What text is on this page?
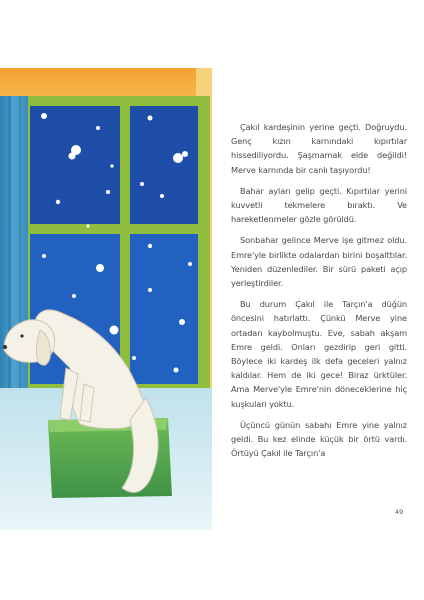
Çakıl kardeşinin yerine geçti. Doğruydu. Genç kızın karnındaki kıpırtılar hissediliyordu. Şaşmamak elde değildi! Merve karnında bir canlı taşıyordu!

Bahar ayları gelip geçti. Kıpırtılar yerini kuvvetli tekmelere bıraktı. Ve hareketlenmeler gözle görüldü.

Sonbahar gelince Merve işe gitmez oldu. Emre'yle birlikte odalardan birini boşalttılar. Yeniden düzenlediler. Bir sürü paketi açıp yerleştirdiler.

Bu durum Çakıl ile Tarçın'a düğün öncesini hatırlattı. Çünkü Merve yine ortadan kaybolmuştu. Eve, sabah akşam Emre geldi. Onları gezdirip geri gitti. Böylece iki kardeş ilk defa geceleri yalnız kaldılar. Hem de iki gece! Biraz ürktüler. Ama Merve'yle Emre'nin döneceklerine hiç kuşkuları yoktu.

Üçüncü günün sabahı Emre yine yalnız geldi. Bu kez elinde küçük bir örtü vardı. Örtüyü Çakıl ile Tarçın'a

49
